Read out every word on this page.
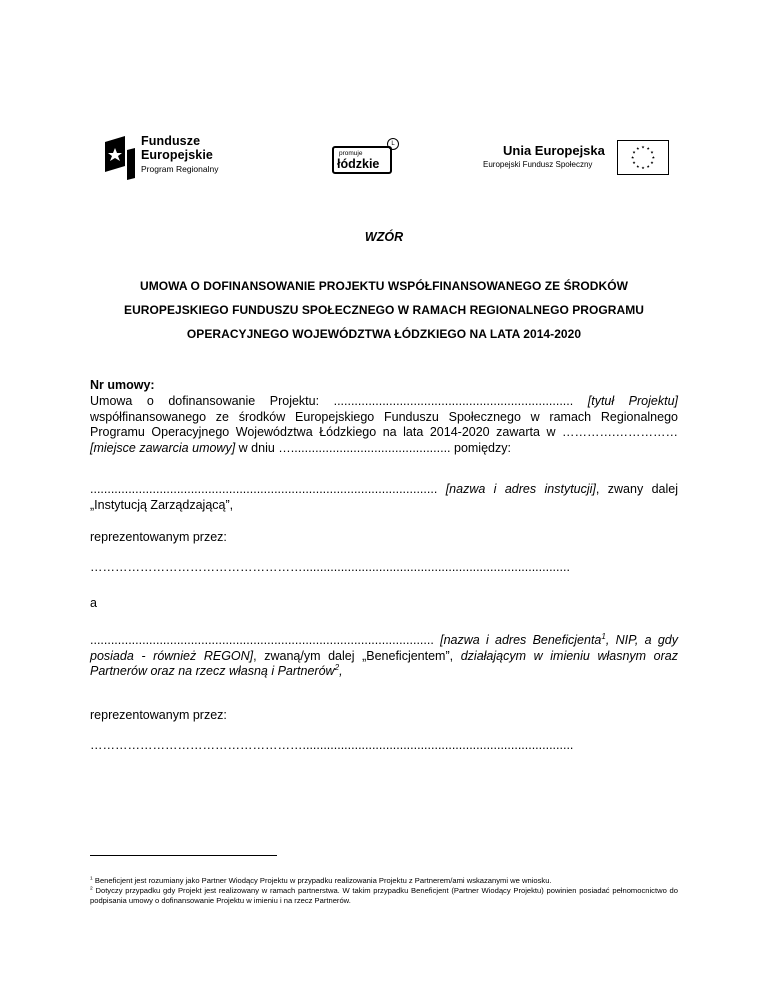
Fundusze
Europejskie
Program Regionalny
promuje
łódzkie
L	Unia Europejska
Europejski Fundusz Społeczny
WZÓR
UMOWA O DOFINANSOWANIE PROJEKTU WSPÓŁFINANSOWANEGO ZE ŚRODKÓW
EUROPEJSKIEGO FUNDUSZU SPOŁECZNEGO W RAMACH REGIONALNEGO PROGRAMU
OPERACYJNEGO WOJEWÓDZTWA ŁÓDZKIEGO NA LATA 2014-2020
Nr umowy:
Umowa o dofinansowanie Projektu: ..................................................................... [tytuł Projektu] współfinansowanego ze środków Europejskiego Funduszu Społecznego w ramach Regionalnego Programu Operacyjnego Województwa Łódzkiego na lata 2014-2020 zawarta w ………….…………… [miejsce zawarcia umowy] w dniu ….............................................. pomiędzy:
.................................................................................................... [nazwa i adres instytucji], zwany dalej „Instytucją Zarządzającą”,
reprezentowanym przez:
…………………………………………….............................................................................
a
................................................................................................... [nazwa i adres Beneficjenta$^1$, NIP, a gdy posiada - również REGON], zwaną/ym dalej „Beneficjentem”, działającym w imieniu własnym oraz Partnerów oraz na rzecz własną i Partnerów$^2$,
reprezentowanym przez:
……………………………………………..............................................................................
$^1$ Beneficjent jest rozumiany jako Partner Wiodący Projektu w przypadku realizowania Projektu z Partnerem/ami wskazanymi we wniosku.
$^2$ Dotyczy przypadku gdy Projekt jest realizowany w ramach partnerstwa. W takim przypadku Beneficjent (Partner Wiodący Projektu) powinien posiadać pełnomocnictwo do podpisania umowy o dofinansowanie Projektu w imieniu i na rzecz Partnerów.
